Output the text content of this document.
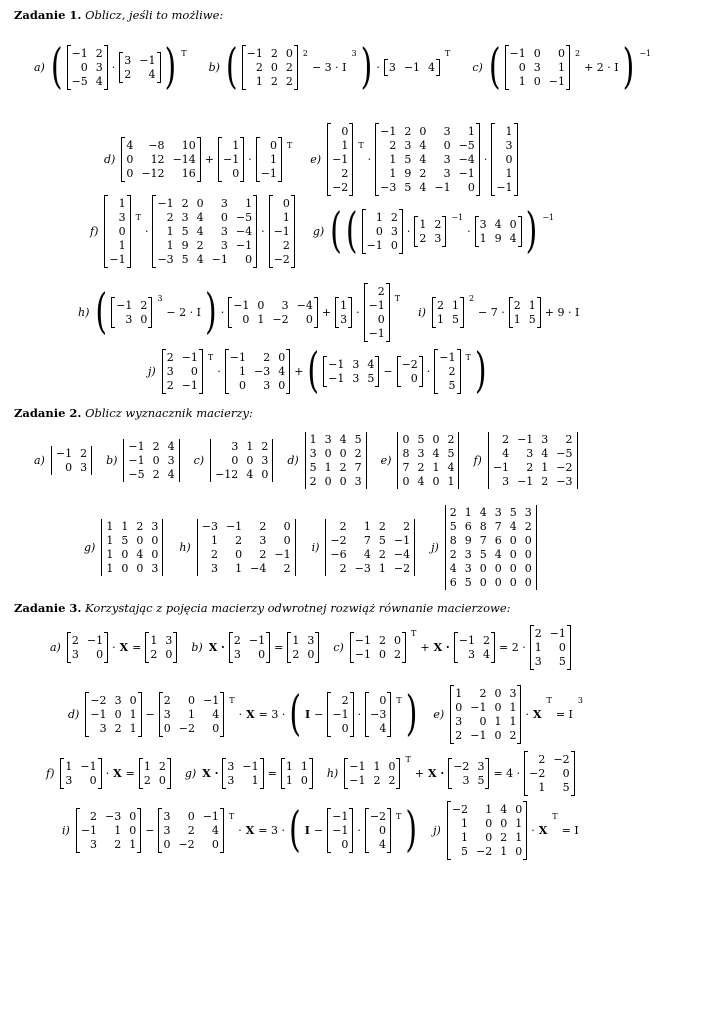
Zadanie 1. Oblicz, jeśli to możliwe:
a) ( −1 2
0 3
−5 4
·
3 −1
2	4 ) T
b) ( −1 2 0
2 0 2
1 2 2
2
− 3 · I
3 ) · 3 −1 4
T
c) ( −1 0	0
0 3	1
1 0 −1
2
+ 2 · I ) −1
d)
4	−8	10
0	12 −14
0 −12	16
+
1
−1
0
·
0
1
−1
T
e)
0
1
−1
2
−2
T
·
−1 2 0	3	1
2 3 4	0 −5
1 5 4	3 −4
1 9 2	3 −1
−3 5 4 −1	0
·
1
3
0
1
−1
f)
1
3
0
1
−1
T
·
−1 2 0	3	1
2 3 4	0 −5
1 5 4	3 −4
1 9 2	3 −1
−3 5 4 −1	0
·
0
1
−1
2
−2
g) ( (	1 2
0 3
−1 0
·
1 2
2 3
−1
·
3 4 0
1 9 4 ) −1
h) ( −1 2
3 0
3
− 2 · I ) ·
−1 0	3 −4
0 1 −2	0
+
1
3
·
2
−1
0
−1
T
i)
2 1
1 5
2
− 7 ·
2 1
1 5
+ 9 · I
j)
2 −1
3	0
2 −1
T
·
−1	2 0
1 −3 4
0	3 0
+ ( −1 3 4
−1 3 5
−
−2
0
·
−1
2
5
T )
Zadanie 2. Oblicz wyznacznik macierzy:
a)
−1 2
0 3
b)
−1 2 4
−1 0 3
−5 2 4
c)
3 1 2
0 0 3
−12 4 0
d)
1 3 4 5
3 0 0 2
5 1 2 7
2 0 0 3
e)
0 5 0 2
8 3 4 5
7 2 1 4
0 4 0 1
f)
2 −1 3	2
4	3 4 −5
−1	2 1 −2
3 −1 2 −3
g)
1 1 2 3
1 5 0 0
1 0 4 0
1 0 0 3
h)
−3 −1	2	0
1	2	3	0
2	0	2 −1
3	1 −4	2
i)
2	1 2	2
−2	7 5 −1
−6	4 2 −4
2 −3 1 −2
j)
2 1 4 3 5 3
5 6 8 7 4 2
8 9 7 6 0 0
2 3 5 4 0 0
4 3 0 0 0 0
6 5 0 0 0 0
Zadanie 3. Korzystając z pojęcia macierzy odwrotnej rozwiąż równanie macierzowe:
a)
2 −1
3	0
· X =
1 3
2 0
b) X ·
2 −1
3	0
=
1 3
2 0
c)
−1 2 0
−1 0 2
T
+ X ·
−1 2
3 4
= 2 ·
2 −1
1	0
3	5
d)
−2 3 0
−1 0 1
3 2 1
−
2	0 −1
3	1	4
0 −2	0
T
· X = 3 · ( I −
2
−1
0
·
0
−3
4
T ) e)
1	2 0 3
0 −1 0 1
3	0 1 1
2 −1 0 2
· X
T
= I
3
f)
1 −1
3	0
· X =
1 2
2 0
g) X ·
3 −1
3	1
=
1 1
1 0
h)
−1 1 0
−1 2 2
T
+ X ·
−2 3
3 5
= 4 ·
2 −2
−2	0
1	5
i)
2 −3 0
−1	1 0
3	2 1
−
3	0 −1
3	2	4
0 −2	0
T
· X = 3 · ( I −
−1
−1
0
·
−2
0
4
T ) j)
−2	1 4 0
1	0 0 1
1	0 2 1
5 −2 1 0
· X
T
= I
